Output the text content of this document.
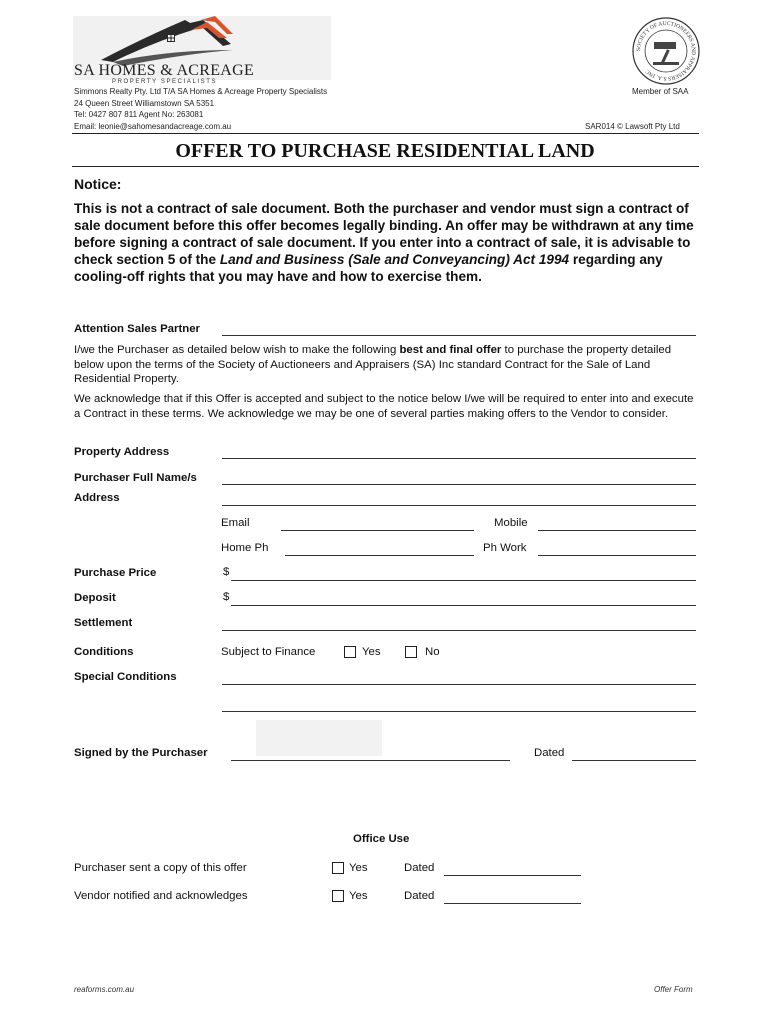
SA HOMES & ACREAGE
PROPERTY SPECIALISTS
SOCIETY OF AUCTIONEERS AND APPRAISERS S.A. INC
Simmons Realty Pty. Ltd T/A SA Homes & Acreage Property Specialists
24 Queen Street Williamstown SA 5351
Tel: 0427 807 811 Agent No: 263081
Email: leonie@sahomesandacreage.com.au
Member of SAA
SAR014 © Lawsoft Pty Ltd
OFFER TO PURCHASE RESIDENTIAL LAND
Notice:
This is not a contract of sale document. Both the purchaser and vendor must sign a contract of sale document before this offer becomes legally binding. An offer may be withdrawn at any time before signing a contract of sale document. If you enter into a contract of sale, it is advisable to check section 5 of the Land and Business (Sale and Conveyancing) Act 1994 regarding any cooling-off rights that you may have and how to exercise them.
Attention Sales Partner
I/we the Purchaser as detailed below wish to make the following best and final offer to purchase the property detailed below upon the terms of the Society of Auctioneers and Appraisers (SA) Inc standard Contract for the Sale of Land Residential Property.
We acknowledge that if this Offer is accepted and subject to the notice below I/we will be required to enter into and execute a Contract in these terms. We acknowledge we may be one of several parties making offers to the Vendor to consider.
Property Address
Purchaser Full Name/s
Address
Email	Mobile
Home Ph	Ph Work
Purchase Price	$
Deposit	$
Settlement
Conditions	Subject to Finance	Yes	No
Special Conditions
Signed by the Purchaser	Dated
Office Use
Purchaser sent a copy of this offer	Yes	Dated
Vendor notified and acknowledges	Yes	Dated
reaforms.com.au	Offer Form
